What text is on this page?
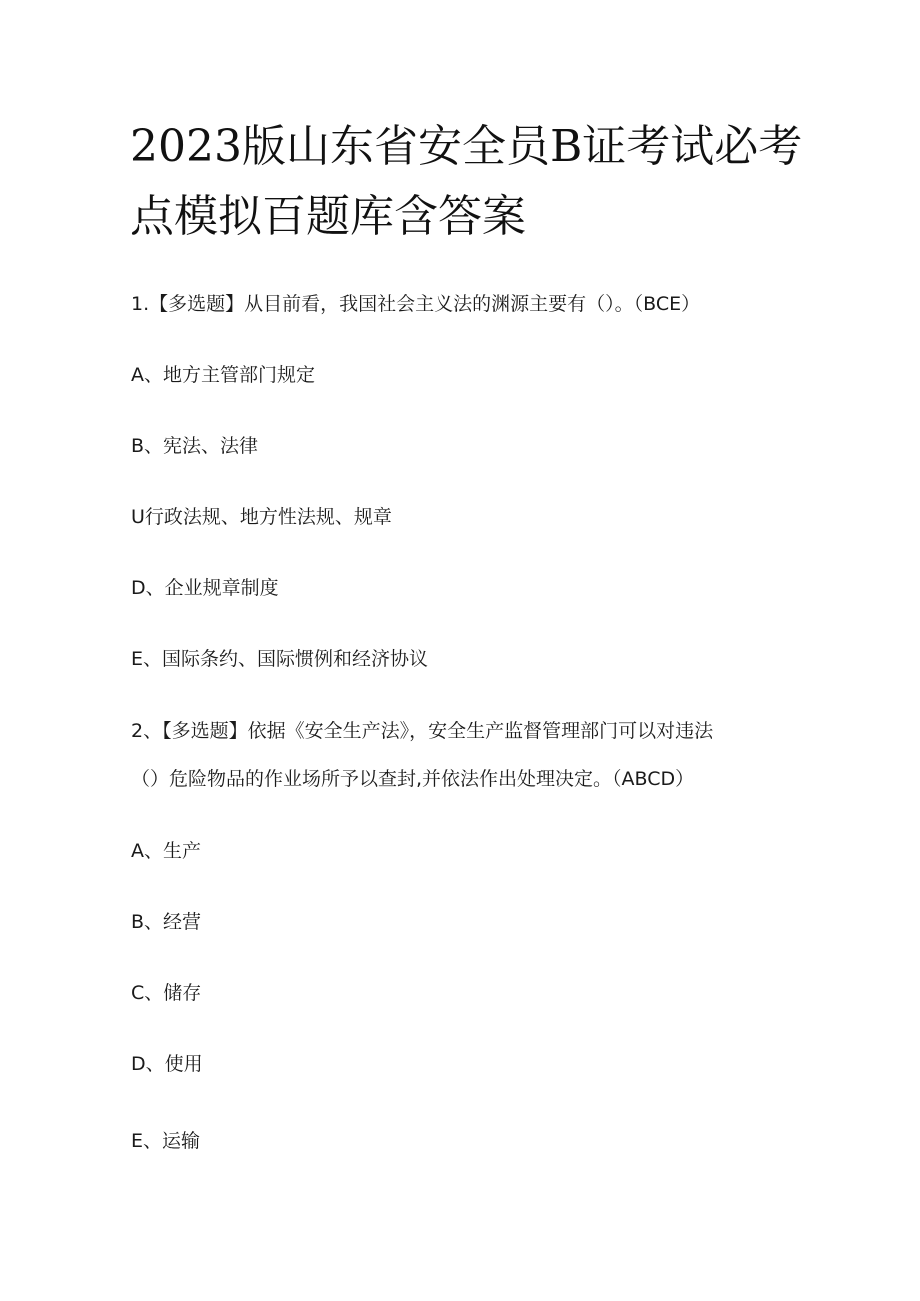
2023版山东省安全员B证考试必考
点模拟百题库含答案

1.【多选题】从目前看，我国社会主义法的渊源主要有（）。（BCE）

A、地方主管部门规定

B、宪法、法律

U行政法规、地方性法规、规章

D、企业规章制度

E、国际条约、国际惯例和经济协议

2、【多选题】依据《安全生产法》，安全生产监督管理部门可以对违法

（）危险物品的作业场所予以查封,并依法作出处理决定。（ABCD）

A、生产

B、经营

C、储存

D、使用

E、运输
